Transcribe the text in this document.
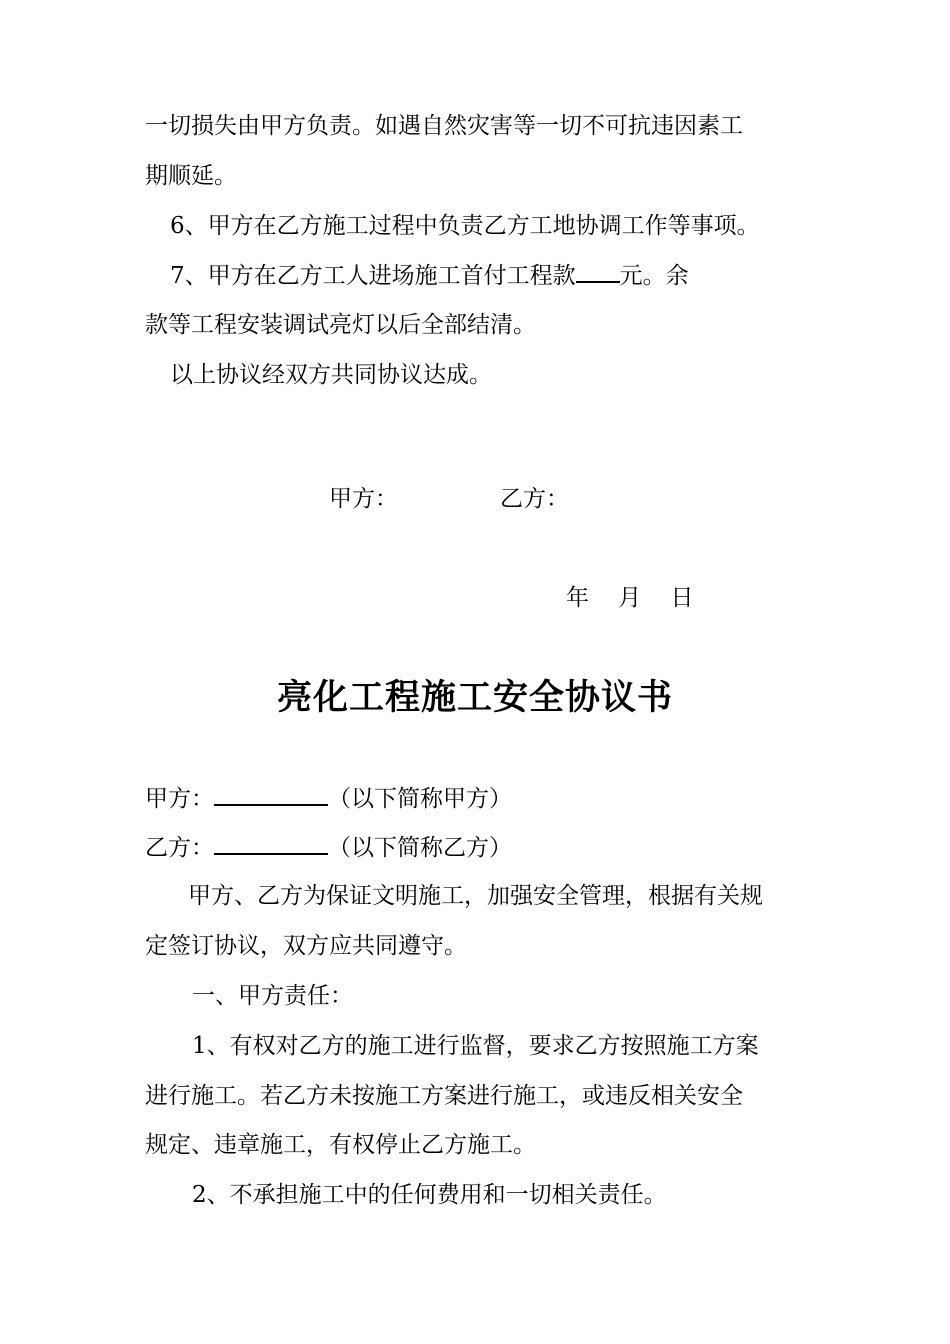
一切损失由甲方负责。如遇自然灾害等一切不可抗违因素工
期顺延。
6、甲方在乙方施工过程中负责乙方工地协调工作等事项。
7、甲方在乙方工人进场施工首付工程款 元。余
款等工程安装调试亮灯以后全部结清。
以上协议经双方共同协议达成。
甲方：	乙方：
年    月    日
亮化工程施工安全协议书
甲方：	（以下简称甲方）
乙方：	（以下简称乙方）
甲方、乙方为保证文明施工，加强安全管理，根据有关规
定签订协议，双方应共同遵守。
一、甲方责任：
1、有权对乙方的施工进行监督，要求乙方按照施工方案
进行施工。若乙方未按施工方案进行施工，或违反相关安全
规定、违章施工，有权停止乙方施工。
2、不承担施工中的任何费用和一切相关责任。
